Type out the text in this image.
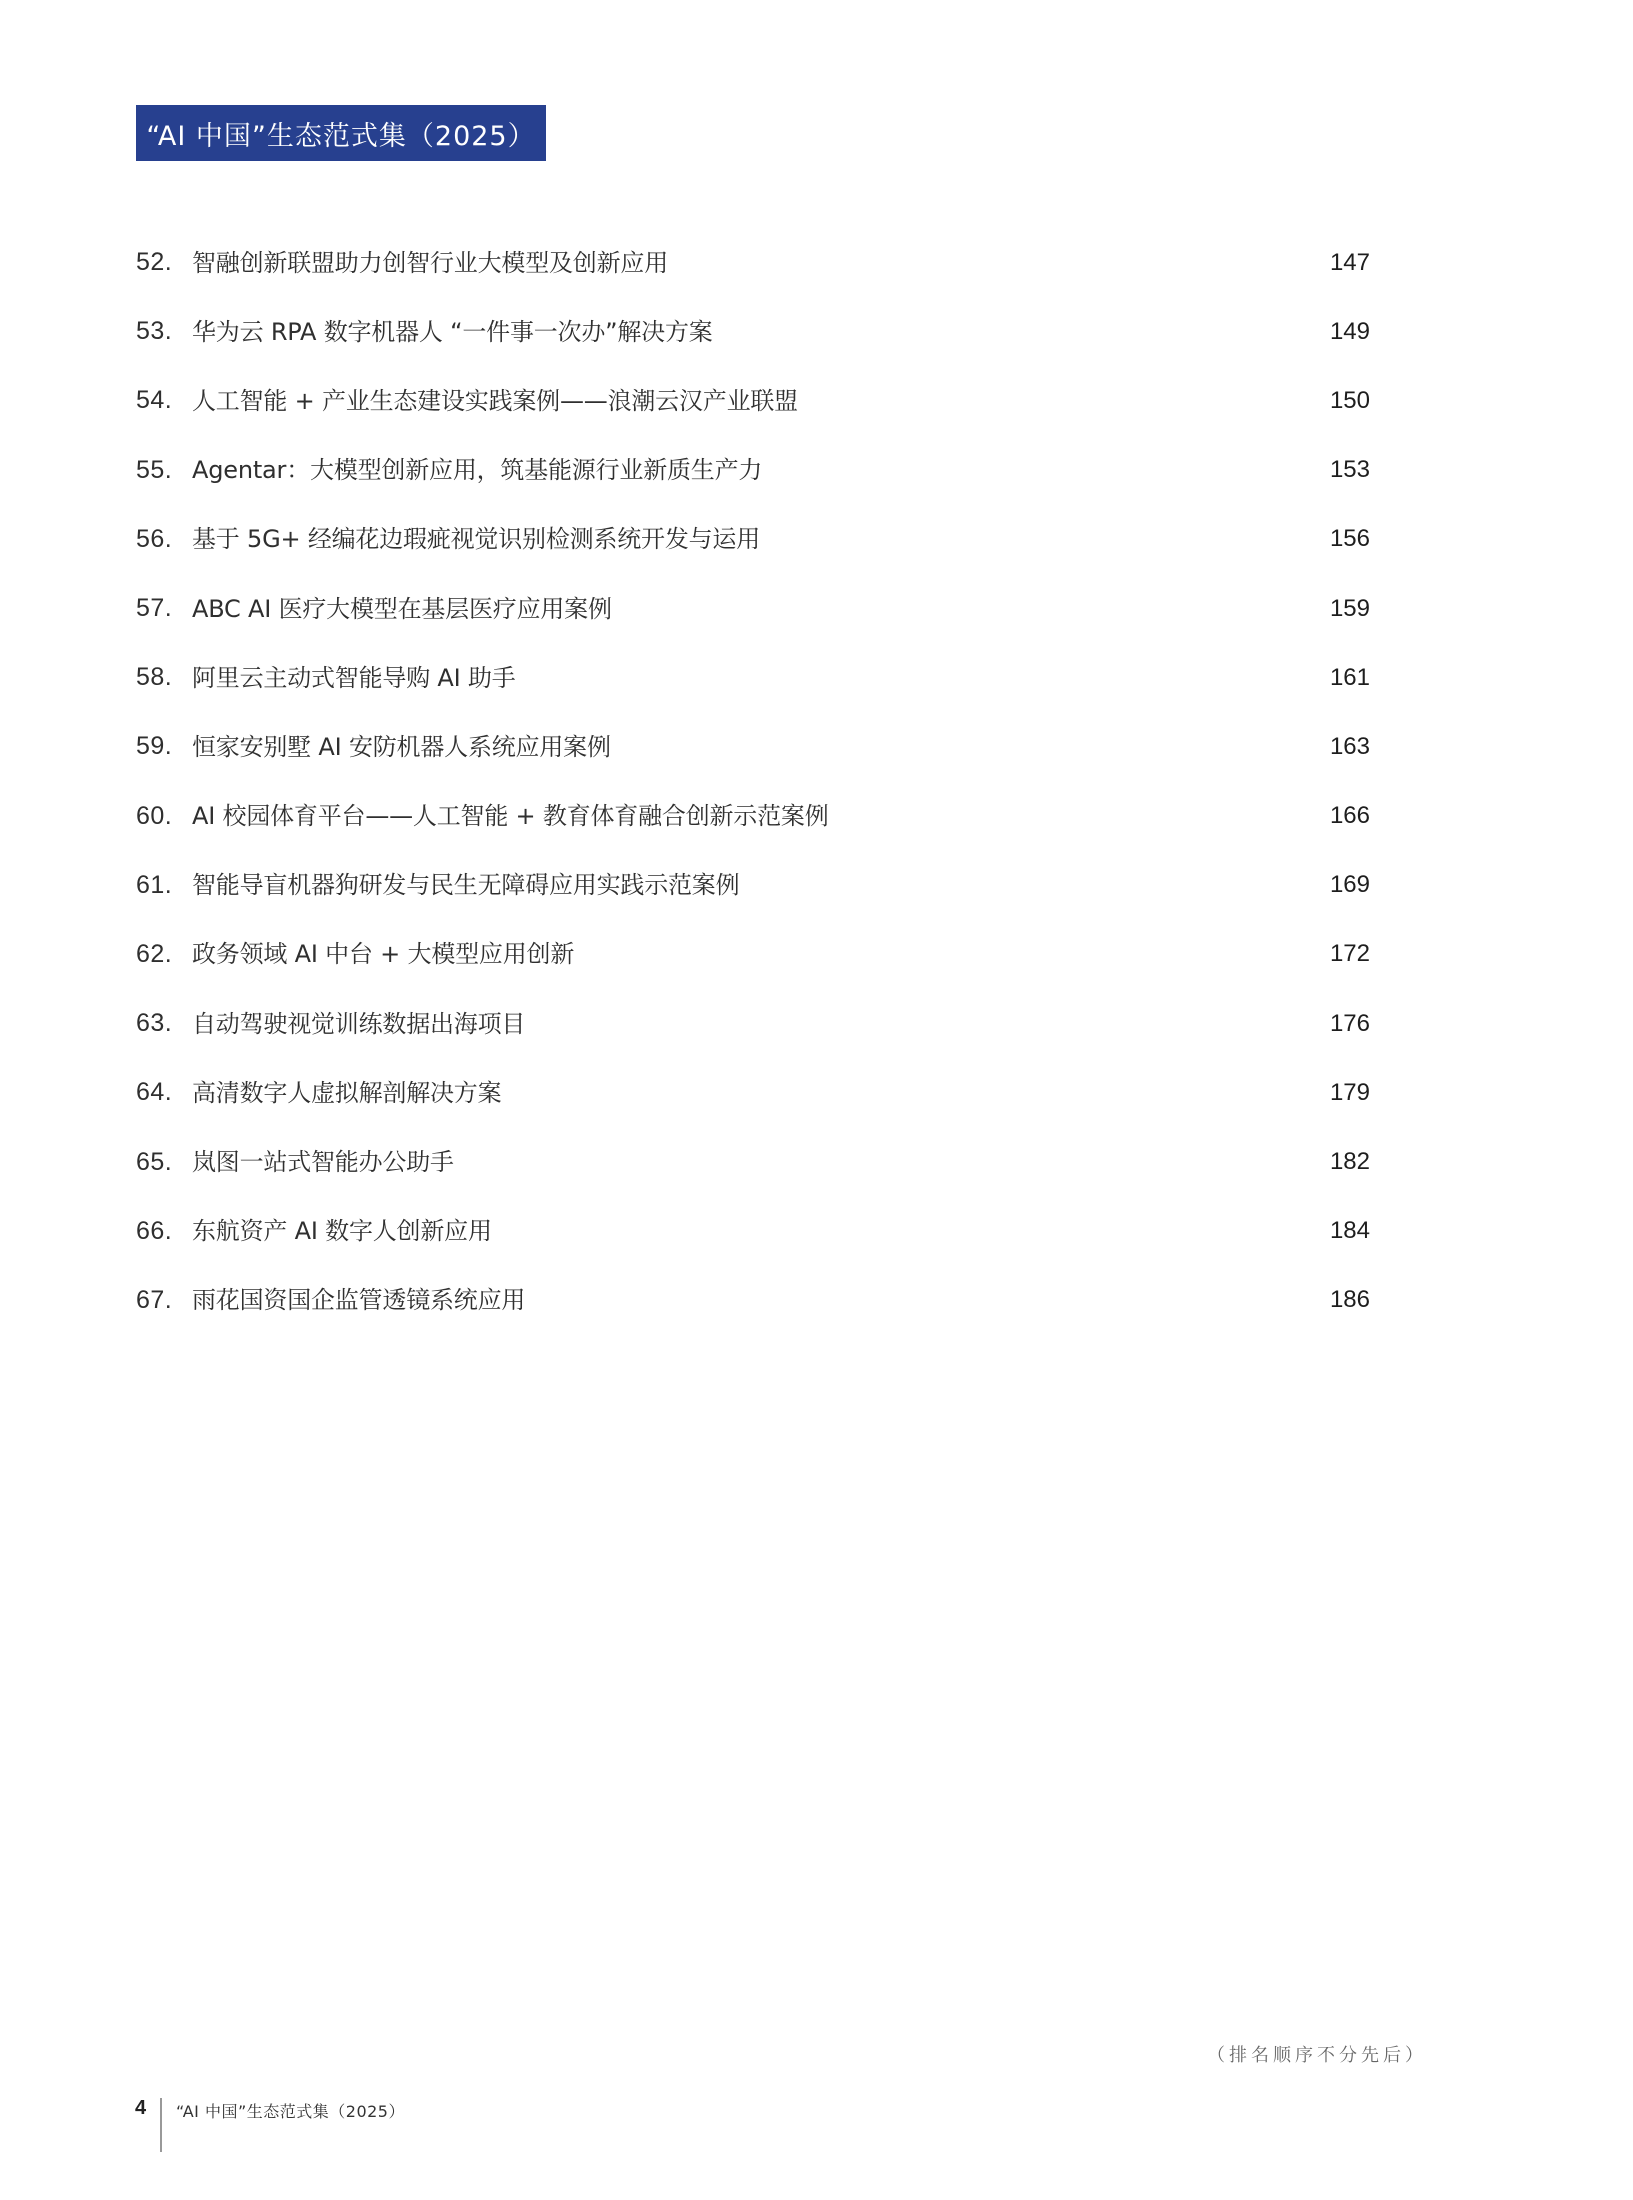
“AI 中国”生态范式集（2025）
52. 智融创新联盟助力创智行业大模型及创新应用	147
53. 华为云 RPA 数字机器人 “一件事一次办”解决方案	149
54. 人工智能 + 产业生态建设实践案例——浪潮云汉产业联盟	150
55. Agentar：大模型创新应用，筑基能源行业新质生产力	153
56. 基于 5G+ 经编花边瑕疵视觉识别检测系统开发与运用	156
57. ABC AI 医疗大模型在基层医疗应用案例	159
58. 阿里云主动式智能导购 AI 助手	161
59. 恒家安别墅 AI 安防机器人系统应用案例	163
60. AI 校园体育平台——人工智能 + 教育体育融合创新示范案例	166
61. 智能导盲机器狗研发与民生无障碍应用实践示范案例	169
62. 政务领域 AI 中台 + 大模型应用创新	172
63. 自动驾驶视觉训练数据出海项目	176
64. 高清数字人虚拟解剖解决方案	179
65. 岚图一站式智能办公助手	182
66. 东航资产 AI 数字人创新应用	184
67. 雨花国资国企监管透镜系统应用	186
（排名顺序不分先后）
4 “AI 中国”生态范式集（2025）
